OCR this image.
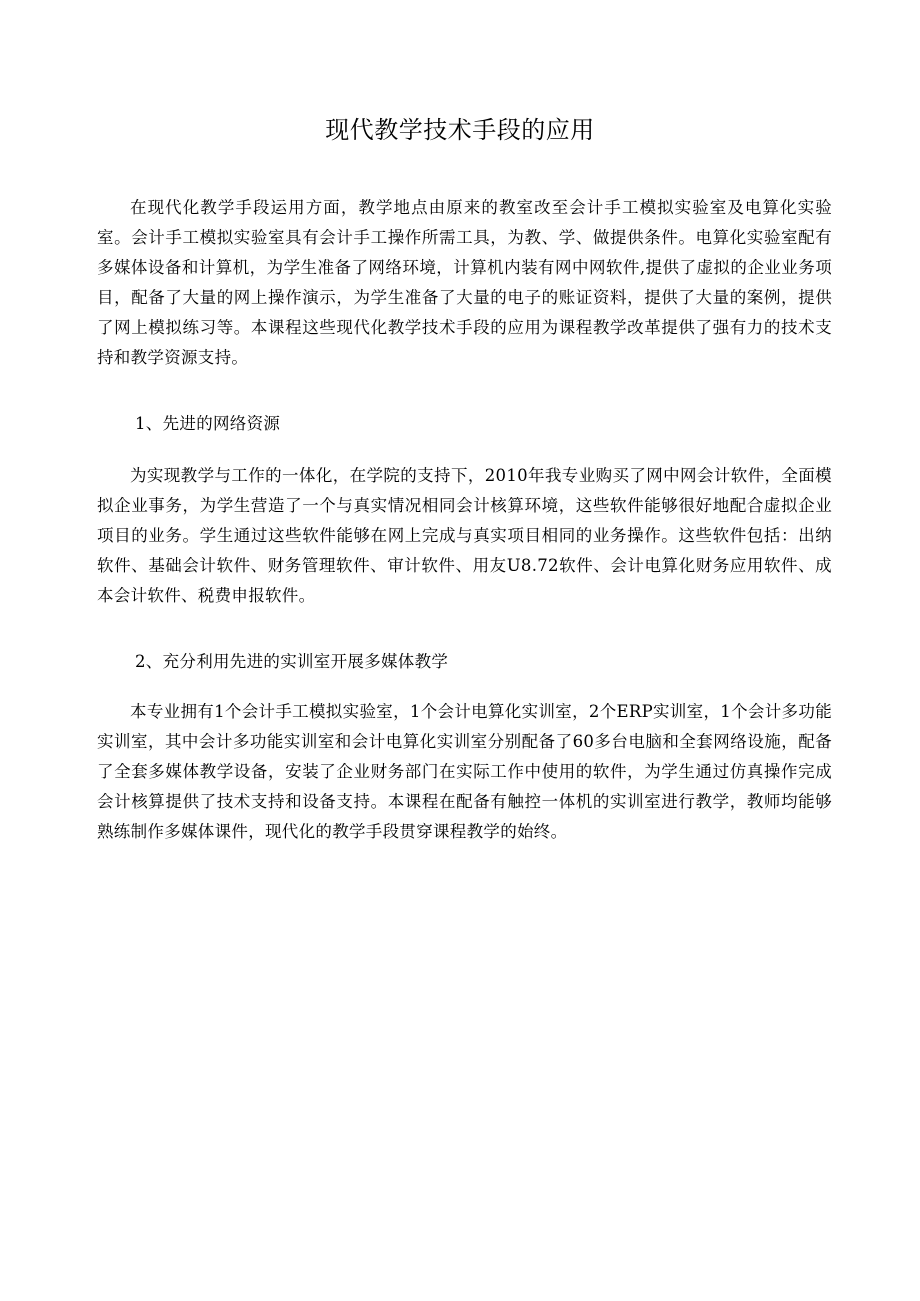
现代教学技术手段的应用

在现代化教学手段运用方面，教学地点由原来的教室改至会计手工模拟实验室及电算化实验室。会计手工模拟实验室具有会计手工操作所需工具，为教、学、做提供条件。电算化实验室配有多媒体设备和计算机，为学生准备了网络环境，计算机内装有网中网软件,提供了虚拟的企业业务项目，配备了大量的网上操作演示，为学生准备了大量的电子的账证资料，提供了大量的案例，提供了网上模拟练习等。本课程这些现代化教学技术手段的应用为课程教学改革提供了强有力的技术支持和教学资源支持。

1、先进的网络资源

为实现教学与工作的一体化，在学院的支持下，2010年我专业购买了网中网会计软件，全面模拟企业事务，为学生营造了一个与真实情况相同会计核算环境，这些软件能够很好地配合虚拟企业项目的业务。学生通过这些软件能够在网上完成与真实项目相同的业务操作。这些软件包括：出纳软件、基础会计软件、财务管理软件、审计软件、用友U8.72软件、会计电算化财务应用软件、成本会计软件、税费申报软件。

2、充分利用先进的实训室开展多媒体教学

本专业拥有1个会计手工模拟实验室，1个会计电算化实训室，2个ERP实训室，1个会计多功能实训室，其中会计多功能实训室和会计电算化实训室分别配备了60多台电脑和全套网络设施，配备了全套多媒体教学设备，安装了企业财务部门在实际工作中使用的软件，为学生通过仿真操作完成会计核算提供了技术支持和设备支持。本课程在配备有触控一体机的实训室进行教学，教师均能够熟练制作多媒体课件，现代化的教学手段贯穿课程教学的始终。
